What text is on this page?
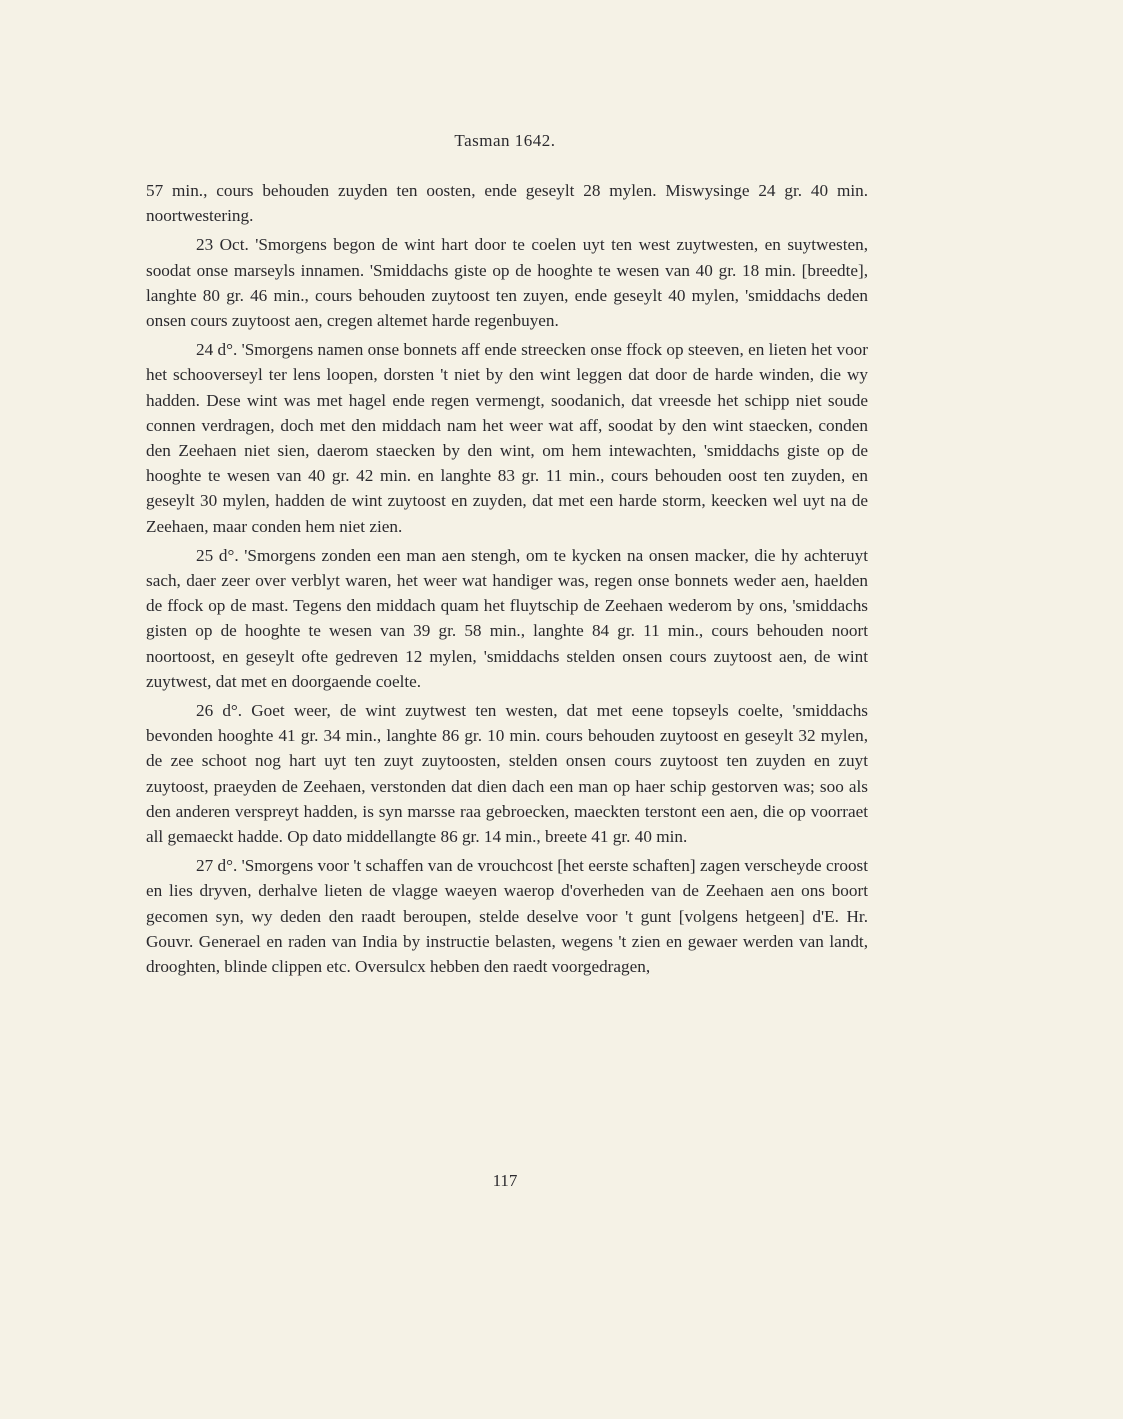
Tasman 1642.

57 min., cours behouden zuyden ten oosten, ende geseylt 28 mylen. Miswysinge 24 gr. 40 min. noortwestering.

23 Oct. 'Smorgens begon de wint hart door te coelen uyt ten west zuytwesten, en suytwesten, soodat onse marseyls innamen. 'Smiddachs giste op de hooghte te wesen van 40 gr. 18 min. [breedte], langhte 80 gr. 46 min., cours behouden zuytoost ten zuyen, ende geseylt 40 mylen, 'smiddachs deden onsen cours zuytoost aen, cregen altemet harde regenbuyen.

24 d°. 'Smorgens namen onse bonnets aff ende streecken onse ffock op steeven, en lieten het voor het schooverseyl ter lens loopen, dorsten 't niet by den wint leggen dat door de harde winden, die wy hadden. Dese wint was met hagel ende regen vermengt, soodanich, dat vreesde het schipp niet soude connen verdragen, doch met den middach nam het weer wat aff, soodat by den wint staecken, conden den Zeehaen niet sien, daerom staecken by den wint, om hem intewachten, 'smiddachs giste op de hooghte te wesen van 40 gr. 42 min. en langhte 83 gr. 11 min., cours behouden oost ten zuyden, en geseylt 30 mylen, hadden de wint zuytoost en zuyden, dat met een harde storm, keecken wel uyt na de Zeehaen, maar conden hem niet zien.

25 d°. 'Smorgens zonden een man aen stengh, om te kycken na onsen macker, die hy achteruyt sach, daer zeer over verblyt waren, het weer wat handiger was, regen onse bonnets weder aen, haelden de ffock op de mast. Tegens den middach quam het fluytschip de Zeehaen wederom by ons, 'smiddachs gisten op de hooghte te wesen van 39 gr. 58 min., langhte 84 gr. 11 min., cours behouden noort noortoost, en geseylt ofte gedreven 12 mylen, 'smiddachs stelden onsen cours zuytoost aen, de wint zuytwest, dat met en doorgaende coelte.

26 d°. Goet weer, de wint zuytwest ten westen, dat met eene topseyls coelte, 'smiddachs bevonden hooghte 41 gr. 34 min., langhte 86 gr. 10 min. cours behouden zuytoost en geseylt 32 mylen, de zee schoot nog hart uyt ten zuyt zuytoosten, stelden onsen cours zuytoost ten zuyden en zuyt zuytoost, praeyden de Zeehaen, verstonden dat dien dach een man op haer schip gestorven was; soo als den anderen verspreyt hadden, is syn marsse raa gebroecken, maeckten terstont een aen, die op voorraet all gemaeckt hadde. Op dato middellangte 86 gr. 14 min., breete 41 gr. 40 min.

27 d°. 'Smorgens voor 't schaffen van de vrouchcost [het eerste schaften] zagen verscheyde croost en lies dryven, derhalve lieten de vlagge waeyen waerop d'overheden van de Zeehaen aen ons boort gecomen syn, wy deden den raadt beroupen, stelde deselve voor 't gunt [volgens hetgeen] d'E. Hr. Gouvr. Generael en raden van India by instructie belasten, wegens 't zien en gewaer werden van landt, drooghten, blinde clippen etc. Oversulcx hebben den raedt voorgedragen,

117
